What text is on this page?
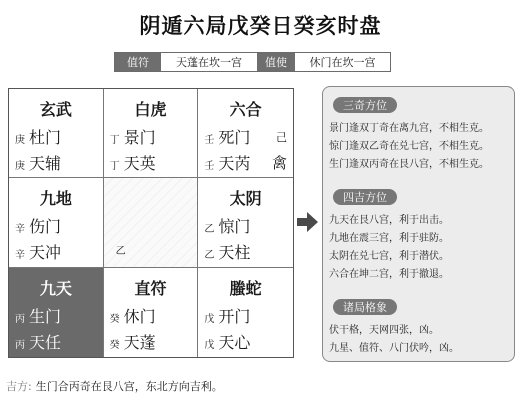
阴遁六局戊癸日癸亥时盘
值符	天蓬在坎一宫	值使	休门在坎一宫
玄武
庚 杜门
庚 天辅
白虎
丁 景门
丁 天英
六合
壬 死门 己
壬 天芮 禽
九地
辛 伤门
辛 天冲	乙
太阴
乙 惊门
乙 天柱
九天
丙 生门
丙 天任
直符
癸 休门
癸 天蓬
螣蛇
戊 开门
戊 天心
三奇方位
景门逢双丁奇在离九宫，不相生克。
惊门逢双乙奇在兑七宫，不相生克。
生门逢双丙奇在艮八宫，不相生克。
四吉方位
九天在艮八宫，利于出击。
九地在震三宫，利于驻防。
太阴在兑七宫，利于潜伏。
六合在坤二宫，利于撤退。
诸局格象
伏干格，天网四张，凶。
九星、值符、八门伏吟，凶。
吉方: 生门合丙奇在艮八宫，东北方向吉利。
